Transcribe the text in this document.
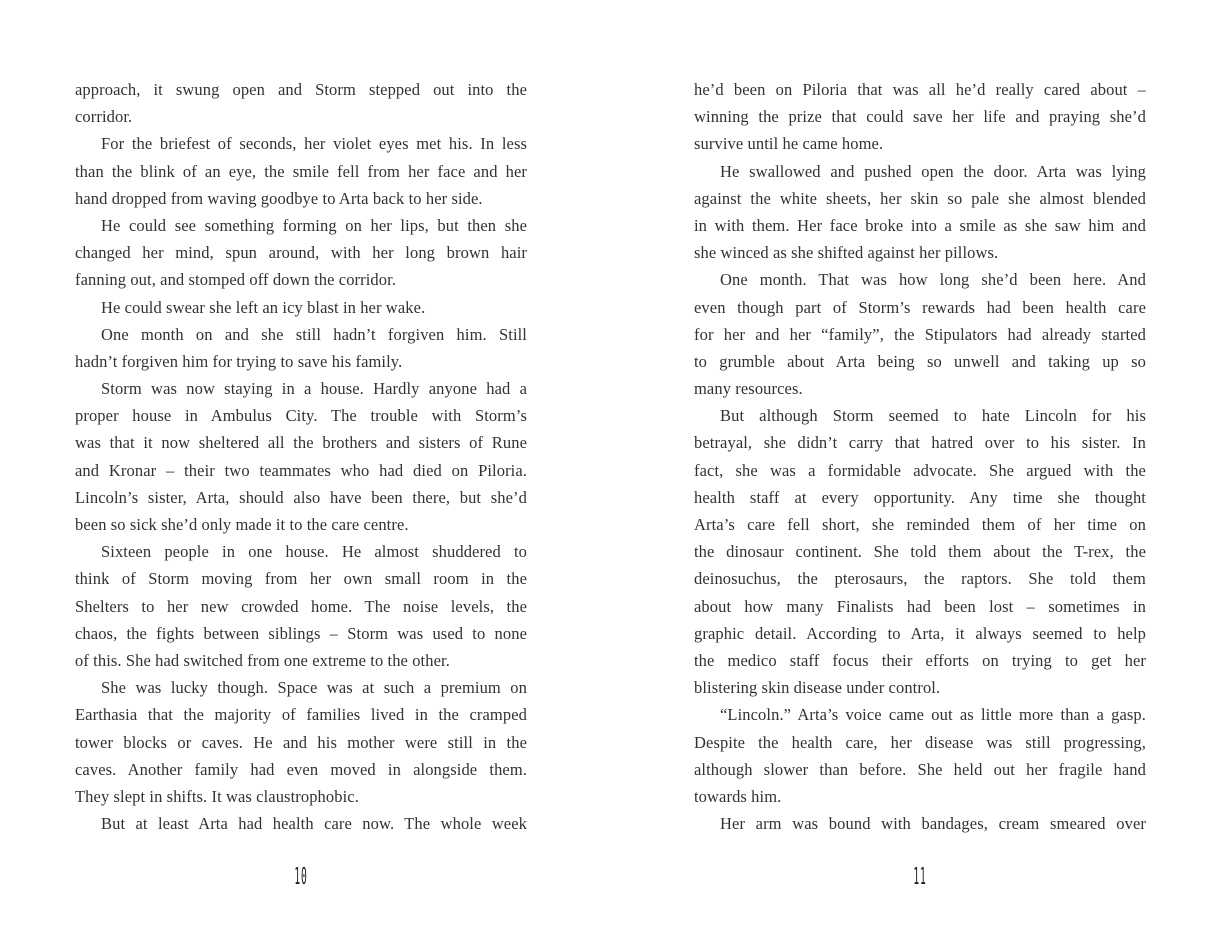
approach, it swung open and Storm stepped out into the
corridor.
For the briefest of seconds, her violet eyes met his. In less
than the blink of an eye, the smile fell from her face and her
hand dropped from waving goodbye to Arta back to her side.
He could see something forming on her lips, but then she
changed her mind, spun around, with her long brown hair
fanning out, and stomped off down the corridor.
He could swear she left an icy blast in her wake.
One month on and she still hadn’t forgiven him. Still
hadn’t forgiven him for trying to save his family.
Storm was now staying in a house. Hardly anyone had a
proper house in Ambulus City. The trouble with Storm’s
was that it now sheltered all the brothers and sisters of Rune
and Kronar – their two teammates who had died on Piloria.
Lincoln’s sister, Arta, should also have been there, but she’d
been so sick she’d only made it to the care centre.
Sixteen people in one house. He almost shuddered to
think of Storm moving from her own small room in the
Shelters to her new crowded home. The noise levels, the
chaos, the fights between siblings – Storm was used to none
of this. She had switched from one extreme to the other.
She was lucky though. Space was at such a premium on
Earthasia that the majority of families lived in the cramped
tower blocks or caves. He and his mother were still in the
caves. Another family had even moved in alongside them.
They slept in shifts. It was claustrophobic.
But at least Arta had health care now. The whole week
10
he’d been on Piloria that was all he’d really cared about –
winning the prize that could save her life and praying she’d
survive until he came home.
He swallowed and pushed open the door. Arta was lying
against the white sheets, her skin so pale she almost blended
in with them. Her face broke into a smile as she saw him and
she winced as she shifted against her pillows.
One month. That was how long she’d been here. And
even though part of Storm’s rewards had been health care
for her and her “family”, the Stipulators had already started
to grumble about Arta being so unwell and taking up so
many resources.
But although Storm seemed to hate Lincoln for his
betrayal, she didn’t carry that hatred over to his sister. In
fact, she was a formidable advocate. She argued with the
health staff at every opportunity. Any time she thought
Arta’s care fell short, she reminded them of her time on
the dinosaur continent. She told them about the T-rex, the
deinosuchus, the pterosaurs, the raptors. She told them
about how many Finalists had been lost – sometimes in
graphic detail. According to Arta, it always seemed to help
the medico staff focus their efforts on trying to get her
blistering skin disease under control.
“Lincoln.” Arta’s voice came out as little more than a gasp.
Despite the health care, her disease was still progressing,
although slower than before. She held out her fragile hand
towards him.
Her arm was bound with bandages, cream smeared over
11
